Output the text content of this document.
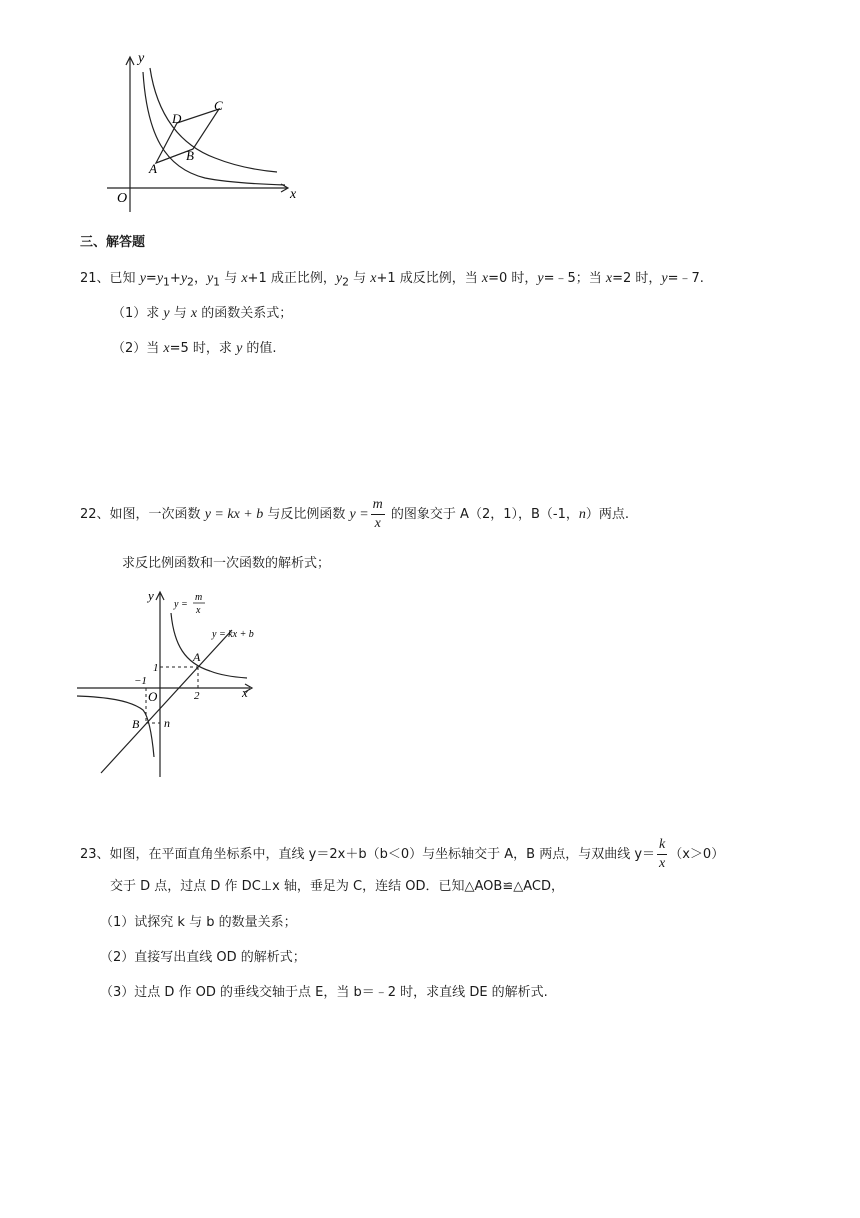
y
x
O
A
B
C
D
三、解答题
21、已知 $y=y_1+y_2$，$y_1$ 与 x+1 成正比例，$y_2$ 与 x+1 成反比例，当 x=0 时，y=﹣5；当 x=2 时，y=﹣7.
（1）求 y 与 x 的函数关系式；
（2）当 x=5 时，求 y 的值.
22、如图，一次函数 y = kx + b 与反比例函数 $y = \frac{m}{x}$ 的图象交于 A（2，1），B（-1，n）两点.
求反比例函数和一次函数的解析式；
y
x
O
A
B
1
2
−1
n
y =
m
x
y = kx + b
23、如图，在平面直角坐标系中，直线 y＝2x＋b（b＜0）与坐标轴交于 A，B 两点，与双曲线 $y= \frac{k}{x} (x>0)$
交于 D 点，过点 D 作 DC⊥x 轴，垂足为 C，连结 OD．已知△AOB≌△ACD，
（1）试探究 k 与 b 的数量关系；
（2）直接写出直线 OD 的解析式；
（3）过点 D 作 OD 的垂线交轴于点 E，当 b＝﹣2 时，求直线 DE 的解析式.
